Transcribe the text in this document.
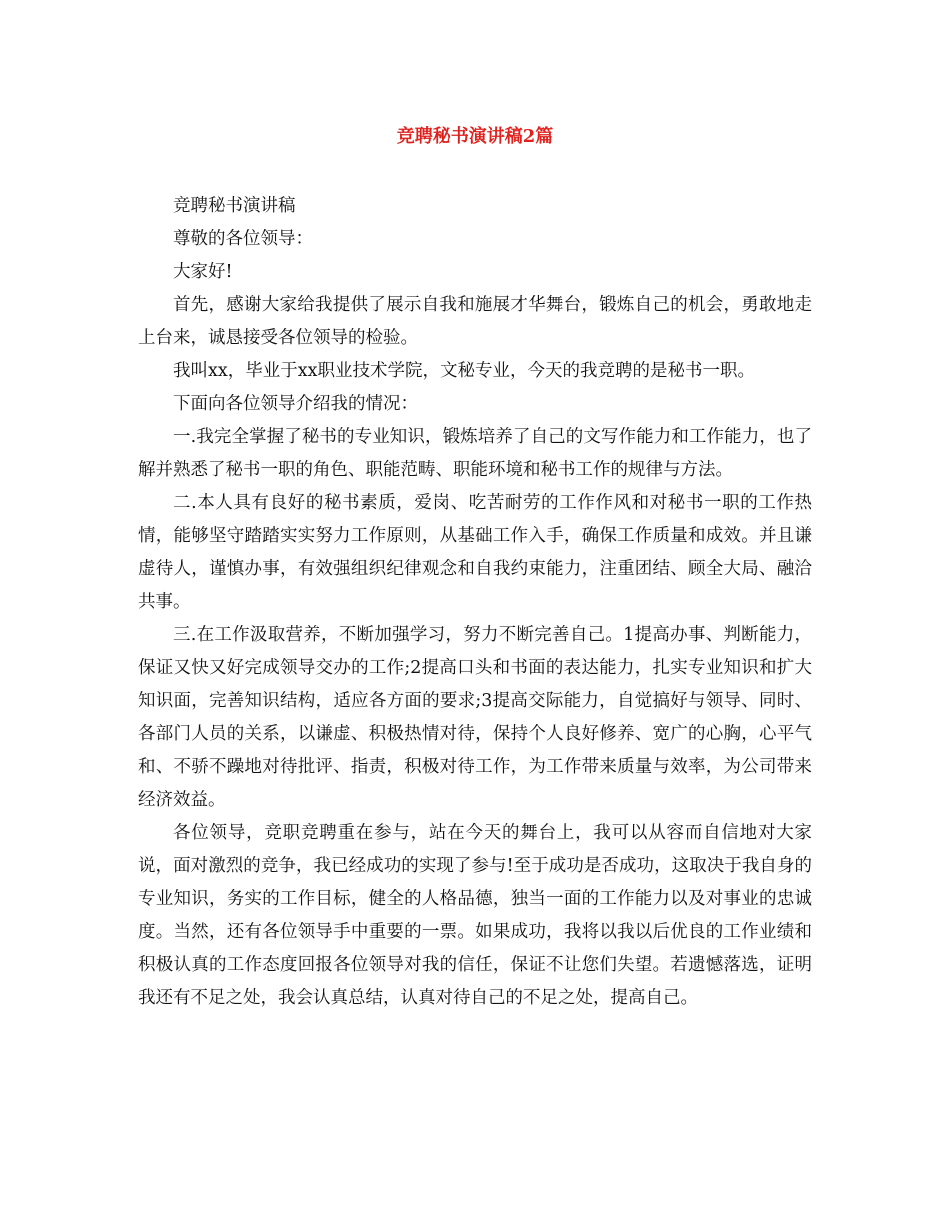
竞聘秘书演讲稿2篇

竞聘秘书演讲稿

尊敬的各位领导：

大家好!

首先，感谢大家给我提供了展示自我和施展才华舞台，锻炼自己的机会，勇敢地走上台来，诚恳接受各位领导的检验。

我叫xx，毕业于xx职业技术学院，文秘专业，今天的我竞聘的是秘书一职。

下面向各位领导介绍我的情况：

一.我完全掌握了秘书的专业知识，锻炼培养了自己的文写作能力和工作能力，也了解并熟悉了秘书一职的角色、职能范畴、职能环境和秘书工作的规律与方法。

二.本人具有良好的秘书素质，爱岗、吃苦耐劳的工作作风和对秘书一职的工作热情，能够坚守踏踏实实努力工作原则，从基础工作入手，确保工作质量和成效。并且谦虚待人，谨慎办事，有效强组织纪律观念和自我约束能力，注重团结、顾全大局、融洽共事。

三.在工作汲取营养，不断加强学习，努力不断完善自己。1提高办事、判断能力，保证又快又好完成领导交办的工作;2提高口头和书面的表达能力，扎实专业知识和扩大知识面，完善知识结构，适应各方面的要求;3提高交际能力，自觉搞好与领导、同时、各部门人员的关系，以谦虚、积极热情对待，保持个人良好修养、宽广的心胸，心平气和、不骄不躁地对待批评、指责，积极对待工作，为工作带来质量与效率，为公司带来经济效益。

各位领导，竞职竞聘重在参与，站在今天的舞台上，我可以从容而自信地对大家说，面对激烈的竞争，我已经成功的实现了参与!至于成功是否成功，这取决于我自身的专业知识，务实的工作目标，健全的人格品德，独当一面的工作能力以及对事业的忠诚度。当然，还有各位领导手中重要的一票。如果成功，我将以我以后优良的工作业绩和积极认真的工作态度回报各位领导对我的信任，保证不让您们失望。若遗憾落选，证明我还有不足之处，我会认真总结，认真对待自己的不足之处，提高自己。
